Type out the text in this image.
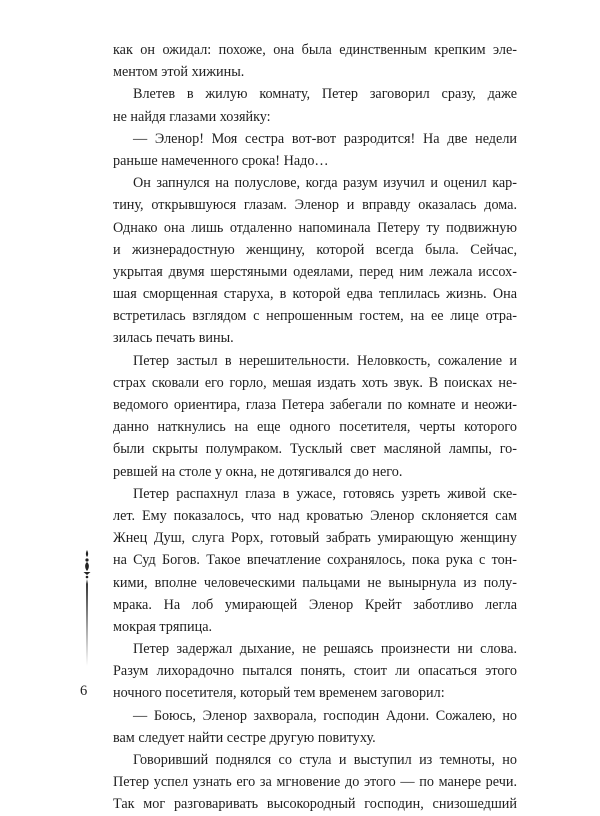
как он ожидал: похоже, она была единственным крепким эле-
ментом этой хижины.
Влетев в жилую комнату, Петер заговорил сразу, даже
не найдя глазами хозяйку:
— Эленор! Моя сестра вот-вот разродится! На две недели
раньше намеченного срока! Надо…
Он запнулся на полуслове, когда разум изучил и оценил кар-
тину, открывшуюся глазам. Эленор и вправду оказалась дома.
Однако она лишь отдаленно напоминала Петеру ту подвижную
и жизнерадостную женщину, которой всегда была. Сейчас,
укрытая двумя шерстяными одеялами, перед ним лежала иссох-
шая сморщенная старуха, в которой едва теплилась жизнь. Она
встретилась взглядом с непрошенным гостем, на ее лице отра-
зилась печать вины.
Петер застыл в нерешительности. Неловкость, сожаление и
страх сковали его горло, мешая издать хоть звук. В поисках не-
ведомого ориентира, глаза Петера забегали по комнате и неожи-
данно наткнулись на еще одного посетителя, черты которого
были скрыты полумраком. Тусклый свет масляной лампы, го-
ревшей на столе у окна, не дотягивался до него.
Петер распахнул глаза в ужасе, готовясь узреть живой ске-
лет. Ему показалось, что над кроватью Эленор склоняется сам
Жнец Душ, слуга Рорх, готовый забрать умирающую женщину
на Суд Богов. Такое впечатление сохранялось, пока рука с тон-
кими, вполне человеческими пальцами не вынырнула из полу-
мрака. На лоб умирающей Эленор Крейт заботливо легла
мокрая тряпица.
Петер задержал дыхание, не решаясь произнести ни слова.
Разум лихорадочно пытался понять, стоит ли опасаться этого
ночного посетителя, который тем временем заговорил:
— Боюсь, Эленор захворала, господин Адони. Сожалею, но
вам следует найти сестре другую повитуху.
Говоривший поднялся со стула и выступил из темноты, но
Петер успел узнать его за мгновение до этого — по манере речи.
Так мог разговаривать высокородный господин, снизошедший
6
